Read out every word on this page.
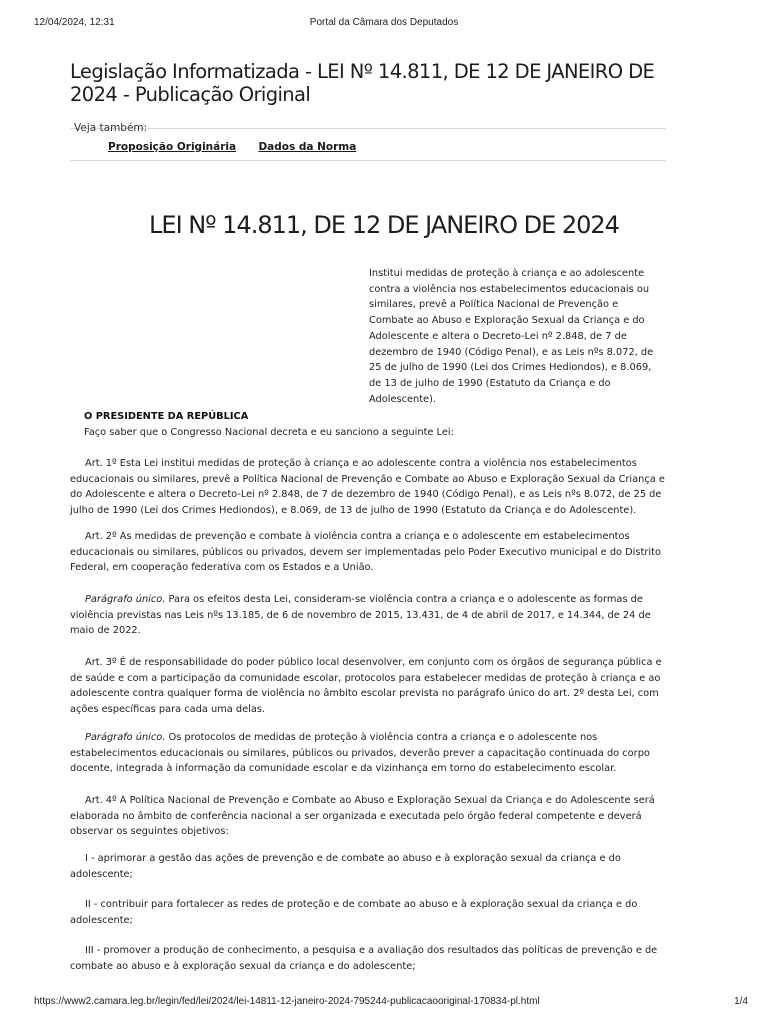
12/04/2024, 12:31	Portal da Câmara dos Deputados
Legislação Informatizada - LEI Nº 14.811, DE 12 DE JANEIRO DE 2024 - Publicação Original
Veja também:
Proposição Originária Dados da Norma
LEI Nº 14.811, DE 12 DE JANEIRO DE 2024

Institui medidas de proteção à criança e ao adolescente contra a violência nos estabelecimentos educacionais ou similares, prevê a Política Nacional de Prevenção e Combate ao Abuso e Exploração Sexual da Criança e do Adolescente e altera o Decreto-Lei nº 2.848, de 7 de dezembro de 1940 (Código Penal), e as Leis nºs 8.072, de 25 de julho de 1990 (Lei dos Crimes Hediondos), e 8.069, de 13 de julho de 1990 (Estatuto da Criança e do Adolescente).

O PRESIDENTE DA REPÚBLICA
Faço saber que o Congresso Nacional decreta e eu sanciono a seguinte Lei:

Art. 1º Esta Lei institui medidas de proteção à criança e ao adolescente contra a violência nos estabelecimentos educacionais ou similares, prevê a Política Nacional de Prevenção e Combate ao Abuso e Exploração Sexual da Criança e do Adolescente e altera o Decreto-Lei nº 2.848, de 7 de dezembro de 1940 (Código Penal), e as Leis nºs 8.072, de 25 de julho de 1990 (Lei dos Crimes Hediondos), e 8.069, de 13 de julho de 1990 (Estatuto da Criança e do Adolescente).

Art. 2º As medidas de prevenção e combate à violência contra a criança e o adolescente em estabelecimentos educacionais ou similares, públicos ou privados, devem ser implementadas pelo Poder Executivo municipal e do Distrito Federal, em cooperação federativa com os Estados e a União.

Parágrafo único. Para os efeitos desta Lei, consideram-se violência contra a criança e o adolescente as formas de violência previstas nas Leis nºs 13.185, de 6 de novembro de 2015, 13.431, de 4 de abril de 2017, e 14.344, de 24 de maio de 2022.

Art. 3º É de responsabilidade do poder público local desenvolver, em conjunto com os órgãos de segurança pública e de saúde e com a participação da comunidade escolar, protocolos para estabelecer medidas de proteção à criança e ao adolescente contra qualquer forma de violência no âmbito escolar prevista no parágrafo único do art. 2º desta Lei, com ações específicas para cada uma delas.

Parágrafo único. Os protocolos de medidas de proteção à violência contra a criança e o adolescente nos estabelecimentos educacionais ou similares, públicos ou privados, deverão prever a capacitação continuada do corpo docente, integrada à informação da comunidade escolar e da vizinhança em torno do estabelecimento escolar.

Art. 4º A Política Nacional de Prevenção e Combate ao Abuso e Exploração Sexual da Criança e do Adolescente será elaborada no âmbito de conferência nacional a ser organizada e executada pelo órgão federal competente e deverá observar os seguintes objetivos:

I - aprimorar a gestão das ações de prevenção e de combate ao abuso e à exploração sexual da criança e do adolescente;

II - contribuir para fortalecer as redes de proteção e de combate ao abuso e à exploração sexual da criança e do adolescente;

III - promover a produção de conhecimento, a pesquisa e a avaliação dos resultados das políticas de prevenção e de combate ao abuso e à exploração sexual da criança e do adolescente;

https://www2.camara.leg.br/legin/fed/lei/2024/lei-14811-12-janeiro-2024-795244-publicacaooriginal-170834-pl.html	1/4
